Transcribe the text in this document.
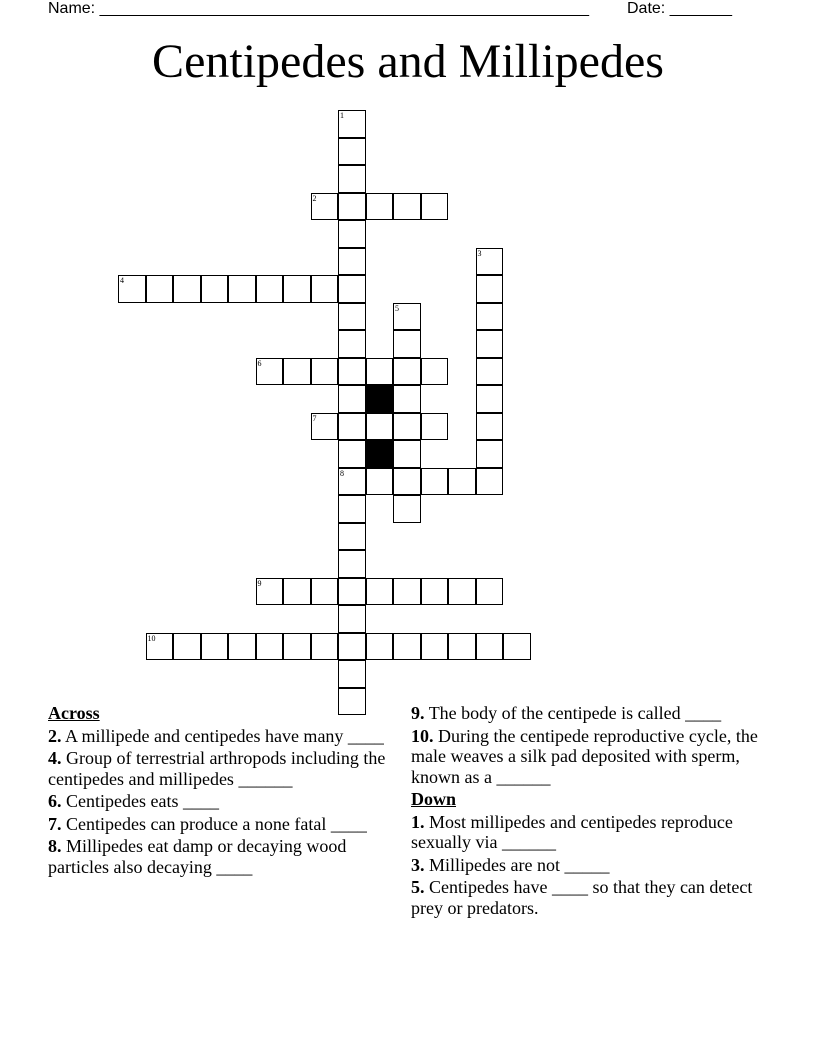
Name: _______________________________________________________ Date: _______
Centipedes and Millipedes
1
2
3
4
5
6
7
8
9
10
Across
2. A millipede and centipedes have many ____
4. Group of terrestrial arthropods including the centipedes and millipedes ______
6. Centipedes eats ____
7. Centipedes can produce a none fatal ____
8. Millipedes eat damp or decaying wood particles also decaying ____
9. The body of the centipede is called ____
10. During the centipede reproductive cycle, the male weaves a silk pad deposited with sperm, known as a ______
Down
1. Most millipedes and centipedes reproduce sexually via ______
3. Millipedes are not _____
5. Centipedes have ____ so that they can detect prey or predators.
